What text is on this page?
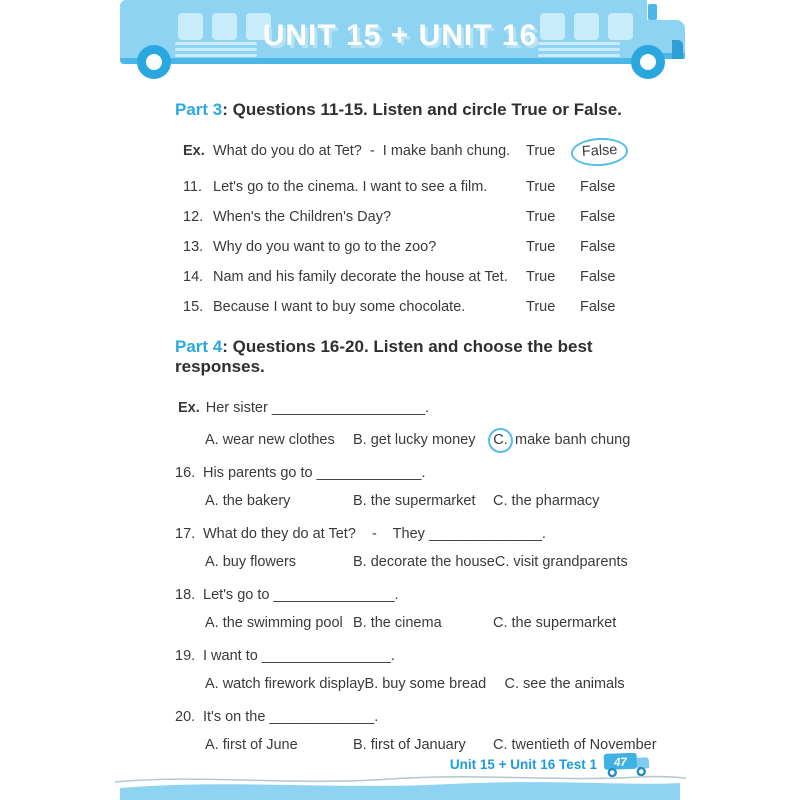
UNIT 15 + UNIT 16
Part 3: Questions 11-15. Listen and circle True or False.
Ex. What do you do at Tet?  -  I make banh chung.	True	False
11. Let's go to the cinema. I want to see a film.	True	False
12. When's the Children's Day?	True	False
13. Why do you want to go to the zoo?	True	False
14. Nam and his family decorate the house at Tet.	True	False
15. Because I want to buy some chocolate.	True	False
Part 4: Questions 16-20. Listen and choose the best responses.
Ex. Her sister ___________________.
A. wear new clothes	B. get lucky money	C. make banh chung
16. His parents go to _____________.
A. the bakery	B. the supermarket	C. the pharmacy
17. What do they do at Tet?    -    They ______________.
A. buy flowers	B. decorate the house C. visit grandparents
18. Let's go to _______________.
A. the swimming pool B. the cinema	C. the supermarket
19. I want to ________________.
A. watch firework display B. buy some bread	C. see the animals
20. It's on the _____________.
A. first of June	B. first of January	C. twentieth of November
Unit 15 + Unit 16 Test 1 47
